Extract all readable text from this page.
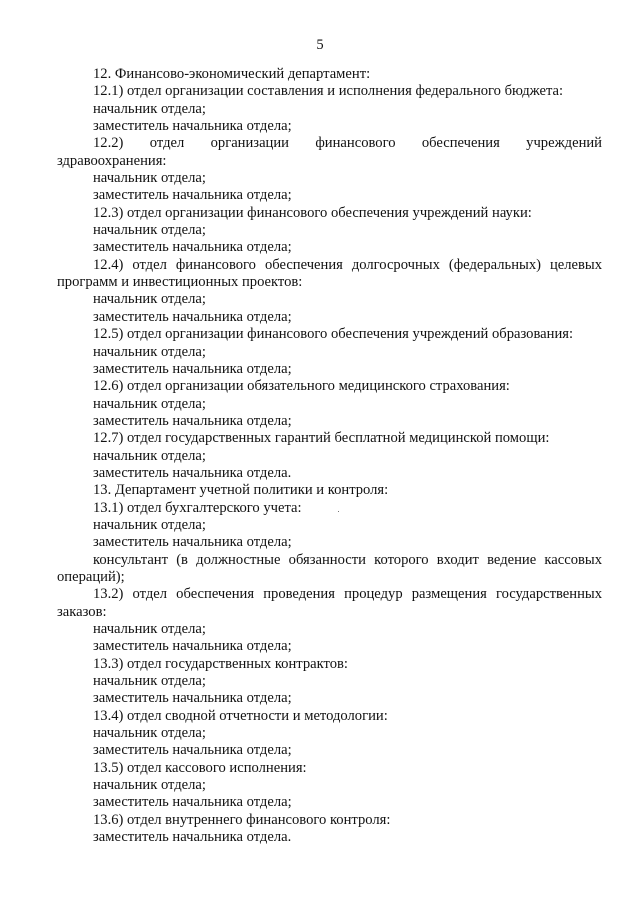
5
12. Финансово-экономический департамент:
12.1) отдел организации составления и исполнения федерального бюджета:
начальник отдела;
заместитель начальника отдела;
12.2) отдел организации финансового обеспечения учреждений
здравоохранения:
начальник отдела;
заместитель начальника отдела;
12.3) отдел организации финансового обеспечения учреждений науки:
начальник отдела;
заместитель начальника отдела;
12.4) отдел финансового обеспечения долгосрочных (федеральных) целевых
программ и инвестиционных проектов:
начальник отдела;
заместитель начальника отдела;
12.5) отдел организации финансового обеспечения учреждений образования:
начальник отдела;
заместитель начальника отдела;
12.6) отдел организации обязательного медицинского страхования:
начальник отдела;
заместитель начальника отдела;
12.7) отдел государственных гарантий бесплатной медицинской помощи:
начальник отдела;
заместитель начальника отдела.
13. Департамент учетной политики и контроля:
13.1) отдел бухгалтерского учета:
начальник отдела;
заместитель начальника отдела;
консультант (в должностные обязанности которого входит ведение кассовых
операций);
13.2) отдел обеспечения проведения процедур размещения государственных
заказов:
начальник отдела;
заместитель начальника отдела;
13.3) отдел государственных контрактов:
начальник отдела;
заместитель начальника отдела;
13.4) отдел сводной отчетности и методологии:
начальник отдела;
заместитель начальника отдела;
13.5) отдел кассового исполнения:
начальник отдела;
заместитель начальника отдела;
13.6) отдел внутреннего финансового контроля:
заместитель начальника отдела.
